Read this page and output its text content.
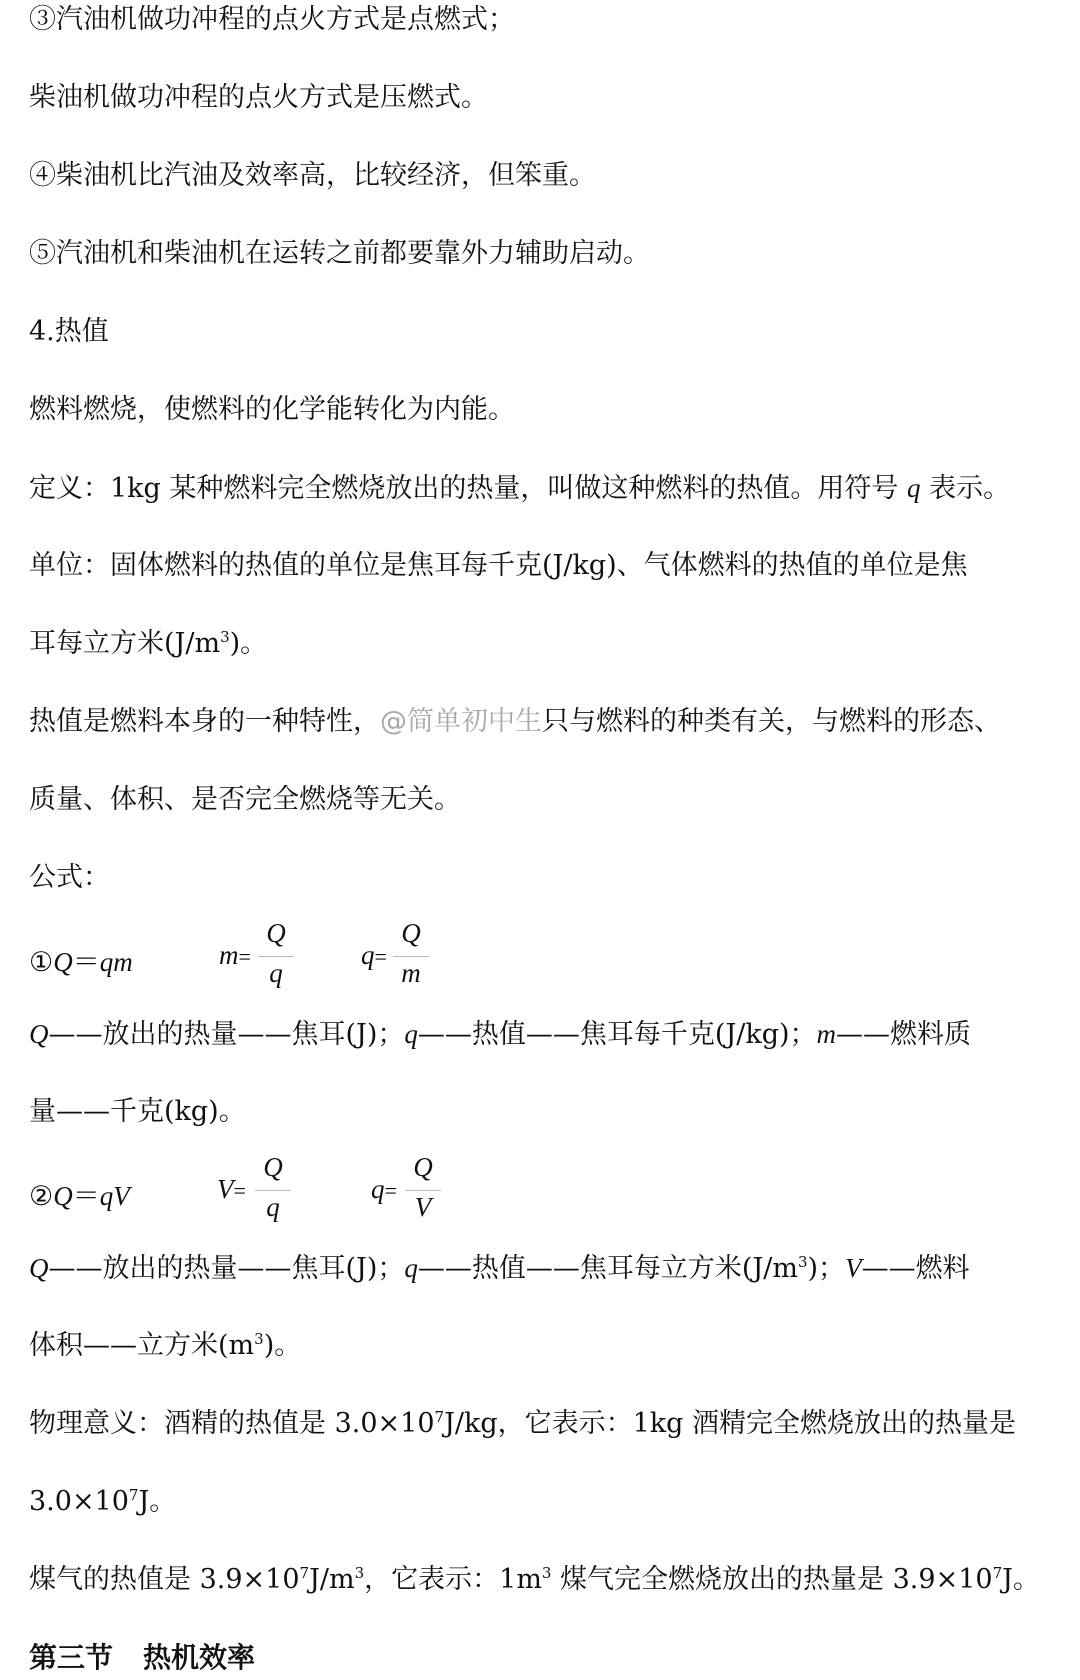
③汽油机做功冲程的点火方式是点燃式；
柴油机做功冲程的点火方式是压燃式。
④柴油机比汽油及效率高，比较经济，但笨重。
⑤汽油机和柴油机在运转之前都要靠外力辅助启动。
4.热值
燃料燃烧，使燃料的化学能转化为内能。
定义：1kg 某种燃料完全燃烧放出的热量，叫做这种燃料的热值。用符号 q 表示。
单位：固体燃料的热值的单位是焦耳每千克(J/kg)、气体燃料的热值的单位是焦
耳每立方米$(J/m^3)$。
热值是燃料本身的一种特性，@简单初中生只与燃料的种类有关，与燃料的形态、
质量、体积、是否完全燃烧等无关。
公式：
①Q＝qm	m=
Q
q
q=
Q
m
Q——放出的热量——焦耳(J)；q——热值——焦耳每千克(J/kg)；m——燃料质
量——千克(kg)。
②Q＝qV	V=
Q
q
q=
Q
V
Q——放出的热量——焦耳(J)；q——热值——焦耳每立方米$(J/m^3)$；V——燃料
体积——立方米$(m^3)$。
物理意义：酒精的热值是 $3.0\times 10^7J/kg$，它表示：1kg 酒精完全燃烧放出的热量是
$3.0\times 10^7J$。
煤气的热值是 $3.9\times 10^7J/m^3$，它表示：$1m^3$ 煤气完全燃烧放出的热量是 $3.9\times 10^7J$。
第三节 热机效率
